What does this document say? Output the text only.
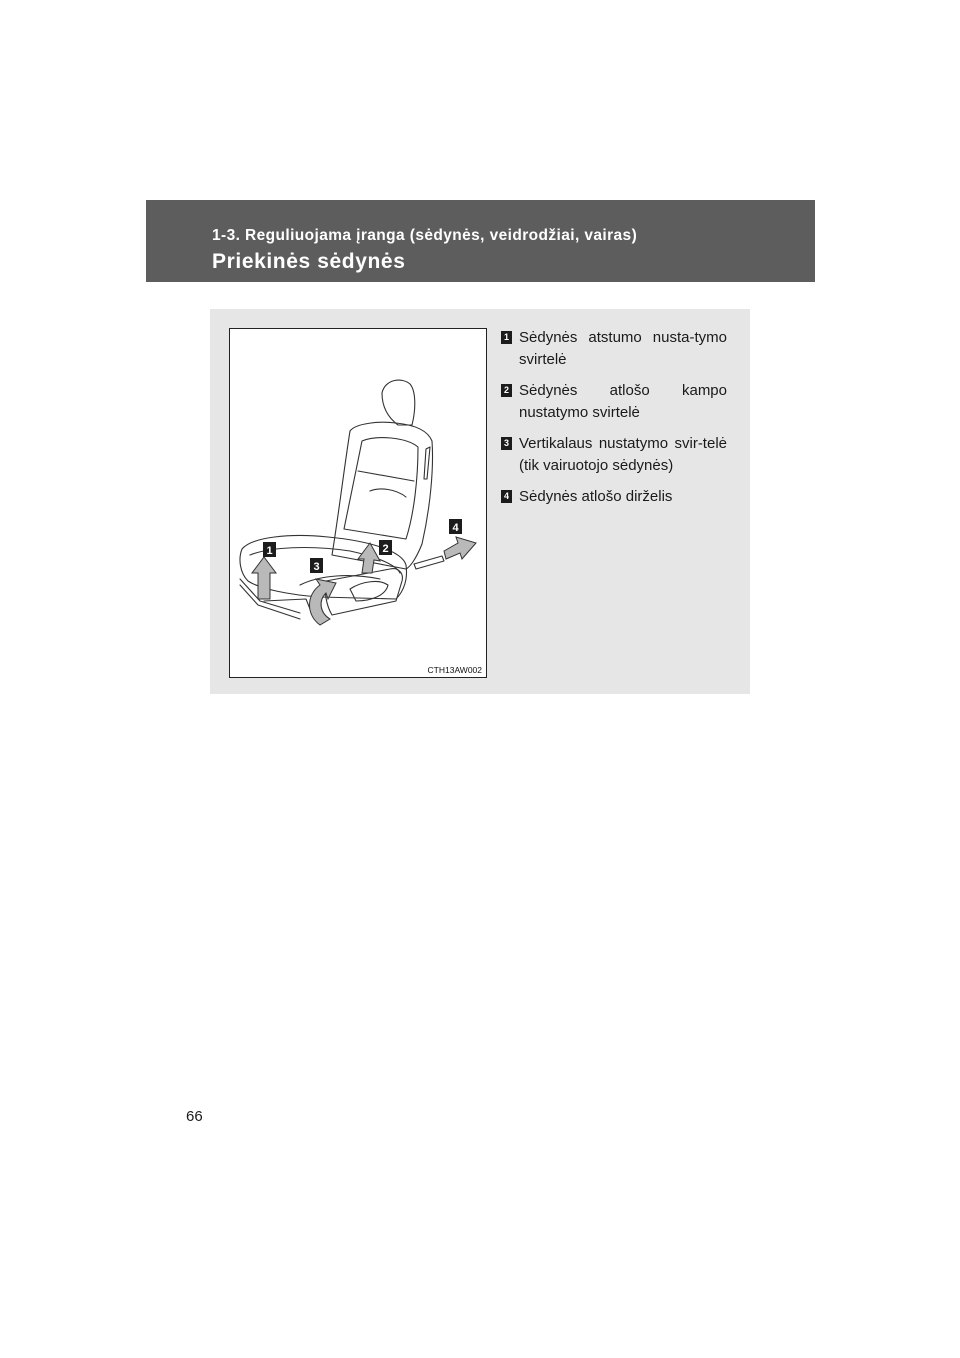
1-3. Reguliuojama įranga (sėdynės, veidrodžiai, vairas)
Priekinės sėdynės
1	2
3
4
CTH13AW002
1 Sėdynės atstumo nusta-tymo svirtelė
2 Sėdynės atlošo kampo nustatymo svirtelė
3 Vertikalaus nustatymo svir-telė (tik vairuotojo sėdynės)
4 Sėdynės atlošo dirželis
66
